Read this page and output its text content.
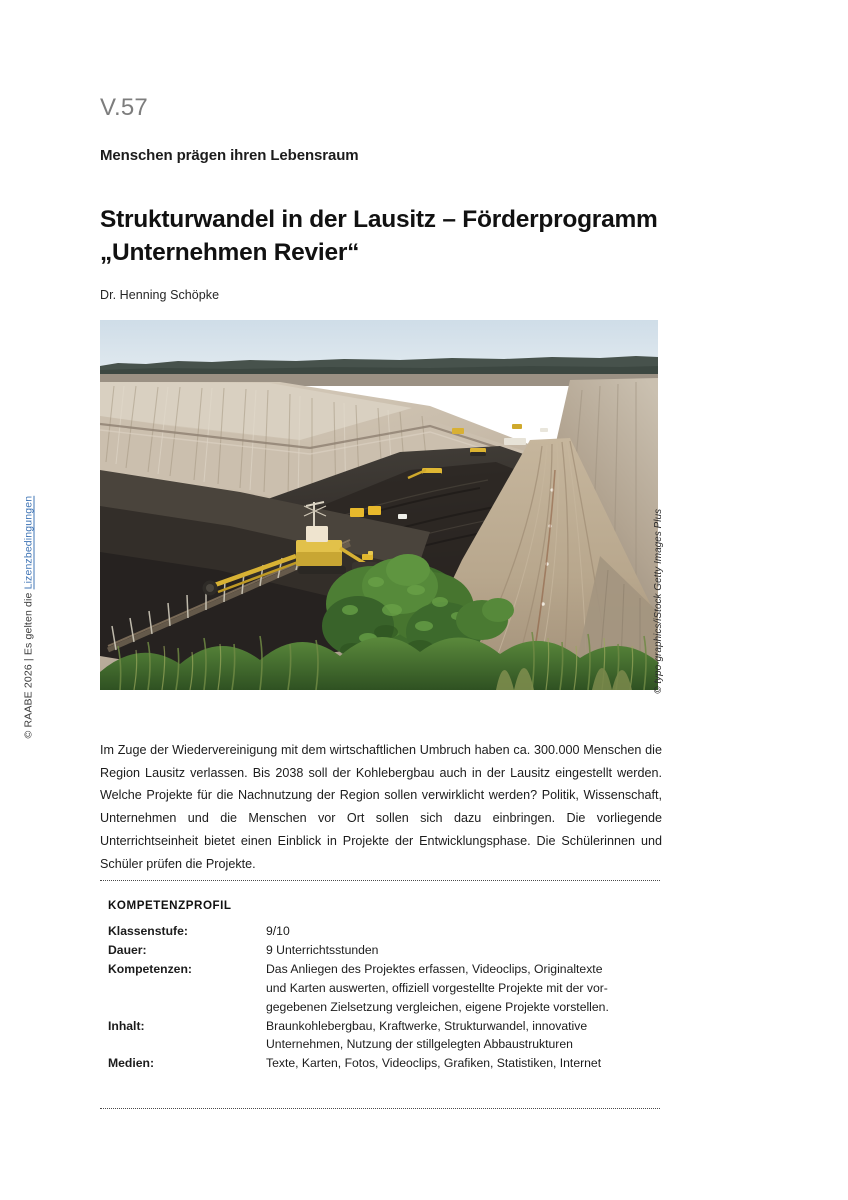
© RAABE 2026 | Es gelten die Lizenzbedingungen
V.57
Menschen prägen ihren Lebensraum
Strukturwandel in der Lausitz – Förderprogramm
„Unternehmen Revier“
Dr. Henning Schöpke
© typo-graphics/iStock Getty Images Plus

Im Zuge der Wiedervereinigung mit dem wirtschaftlichen Umbruch haben ca. 300.000 Menschen die Region Lausitz verlassen. Bis 2038 soll der Kohlebergbau auch in der Lausitz eingestellt werden. Welche Projekte für die Nachnutzung der Region sollen verwirklicht werden? Politik, Wissenschaft, Unternehmen und die Menschen vor Ort sollen sich dazu einbringen. Die vorliegende Unterrichtseinheit bietet einen Einblick in Projekte der Entwicklungsphase. Die Schülerinnen und Schüler prüfen die Projekte.

KOMPETENZPROFIL
Klassenstufe:	9/10

Dauer:	9 Unterrichtsstunden

Kompetenzen:	Das Anliegen des Projektes erfassen, Videoclips, Originaltexte
und Karten auswerten, offiziell vorgestellte Projekte mit der vor-
gegebenen Zielsetzung vergleichen, eigene Projekte vorstellen.

Inhalt:	Braunkohlebergbau, Kraftwerke, Strukturwandel, innovative
Unternehmen, Nutzung der stillgelegten Abbaustrukturen

Medien:	Texte, Karten, Fotos, Videoclips, Grafiken, Statistiken, Internet
